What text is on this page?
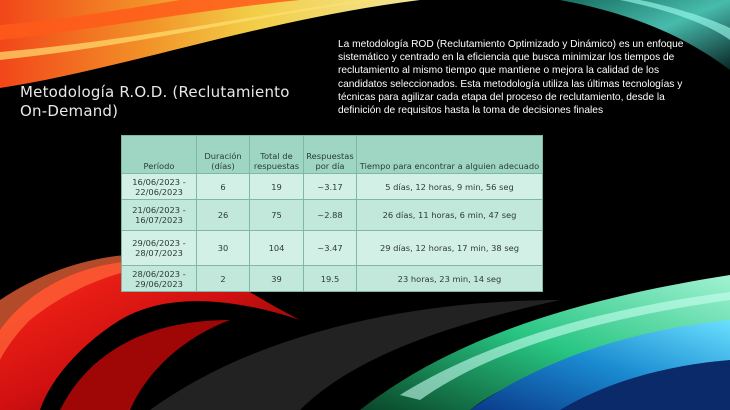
Metodología R.O.D. (Reclutamiento On-Demand)
La metodología ROD (Reclutamiento Optimizado y Dinámico) es un enfoque sistemático y centrado en la eficiencia que busca minimizar los tiempos de reclutamiento al mismo tiempo que mantiene o mejora la calidad de los candidatos seleccionados. Esta metodología utiliza las últimas tecnologías y técnicas para agilizar cada etapa del proceso de reclutamiento, desde la definición de requisitos hasta la toma de decisiones finales
Período	Duración (días)	Total de respuestas	Respuestas por día	Tiempo para encontrar a alguien adecuado
16/06/2023 - 22/06/2023	6	19	~3.17	5 días, 12 horas, 9 min, 56 seg
21/06/2023 - 16/07/2023	26	75	~2.88	26 días, 11 horas, 6 min, 47 seg
29/06/2023 - 28/07/2023	30	104	~3.47	29 días, 12 horas, 17 min, 38 seg
28/06/2023 - 29/06/2023	2	39	19.5	23 horas, 23 min, 14 seg
